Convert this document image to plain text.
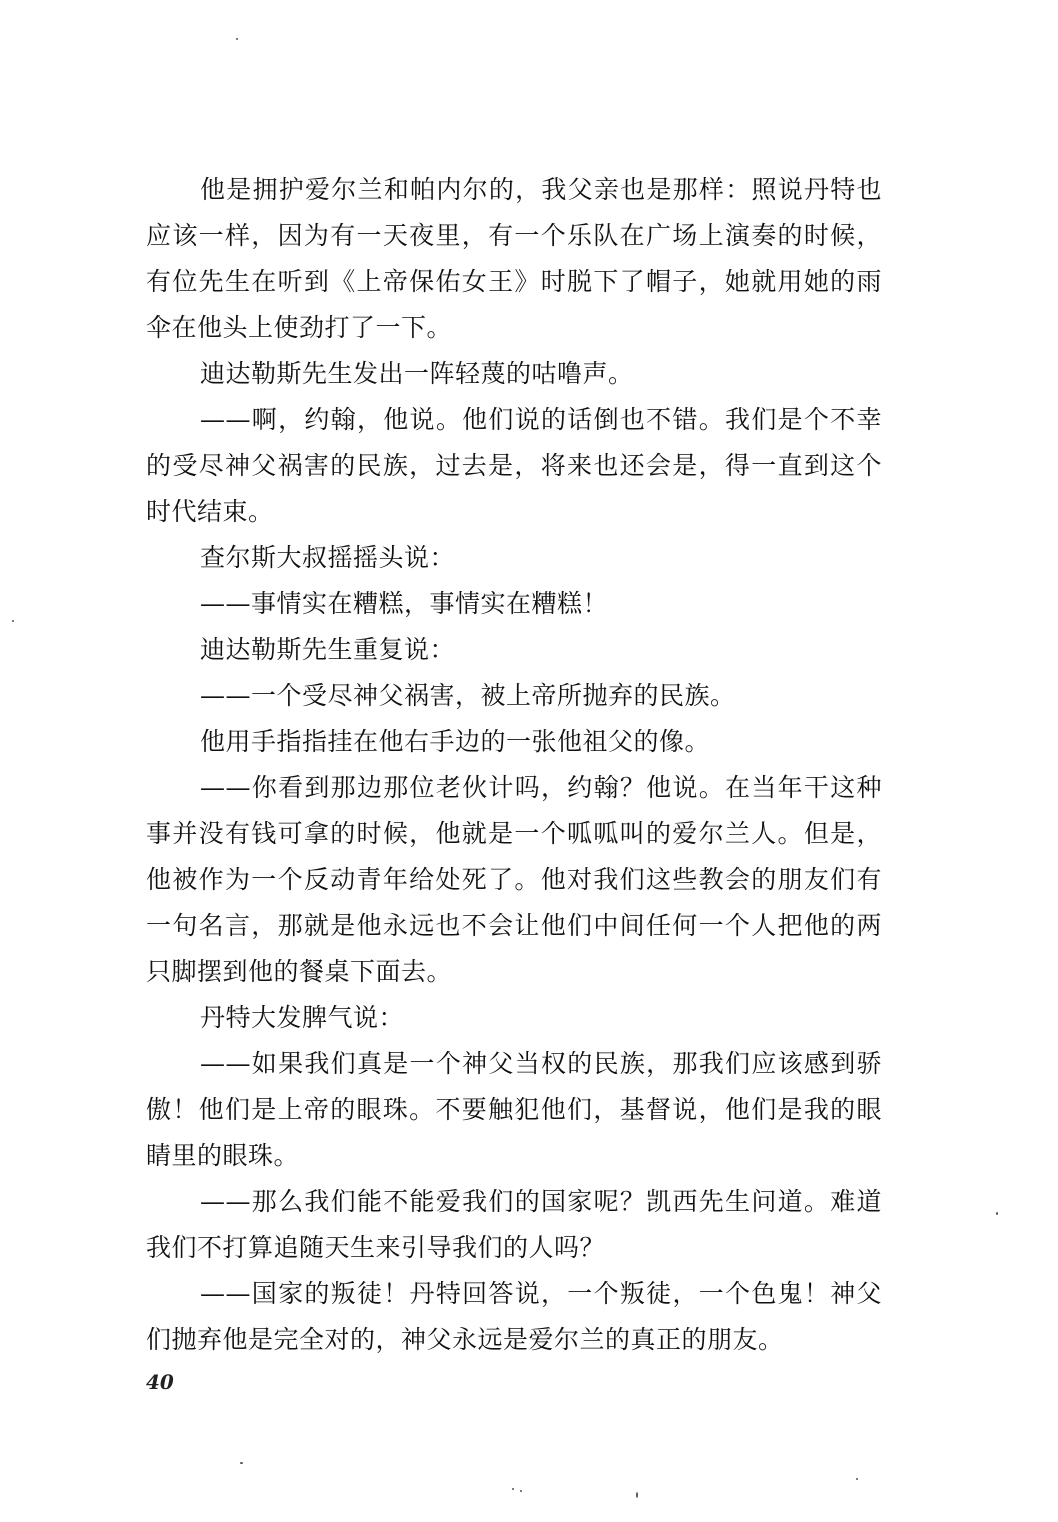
他是拥护爱尔兰和帕内尔的，我父亲也是那样：照说丹特也应该一样，因为有一天夜里，有一个乐队在广场上演奏的时候，有位先生在听到《上帝保佑女王》时脱下了帽子，她就用她的雨伞在他头上使劲打了一下。

迪达勒斯先生发出一阵轻蔑的咕噜声。

——啊，约翰，他说。他们说的话倒也不错。我们是个不幸的受尽神父祸害的民族，过去是，将来也还会是，得一直到这个时代结束。

查尔斯大叔摇摇头说：

——事情实在糟糕，事情实在糟糕！

迪达勒斯先生重复说：

——一个受尽神父祸害，被上帝所抛弃的民族。

他用手指指挂在他右手边的一张他祖父的像。

——你看到那边那位老伙计吗，约翰？他说。在当年干这种事并没有钱可拿的时候，他就是一个呱呱叫的爱尔兰人。但是，他被作为一个反动青年给处死了。他对我们这些教会的朋友们有一句名言，那就是他永远也不会让他们中间任何一个人把他的两只脚摆到他的餐桌下面去。

丹特大发脾气说：

——如果我们真是一个神父当权的民族，那我们应该感到骄傲！他们是上帝的眼珠。不要触犯他们，基督说，他们是我的眼睛里的眼珠。

——那么我们能不能爱我们的国家呢？凯西先生问道。难道我们不打算追随天生来引导我们的人吗？

——国家的叛徒！丹特回答说，一个叛徒，一个色鬼！神父们抛弃他是完全对的，神父永远是爱尔兰的真正的朋友。

40
